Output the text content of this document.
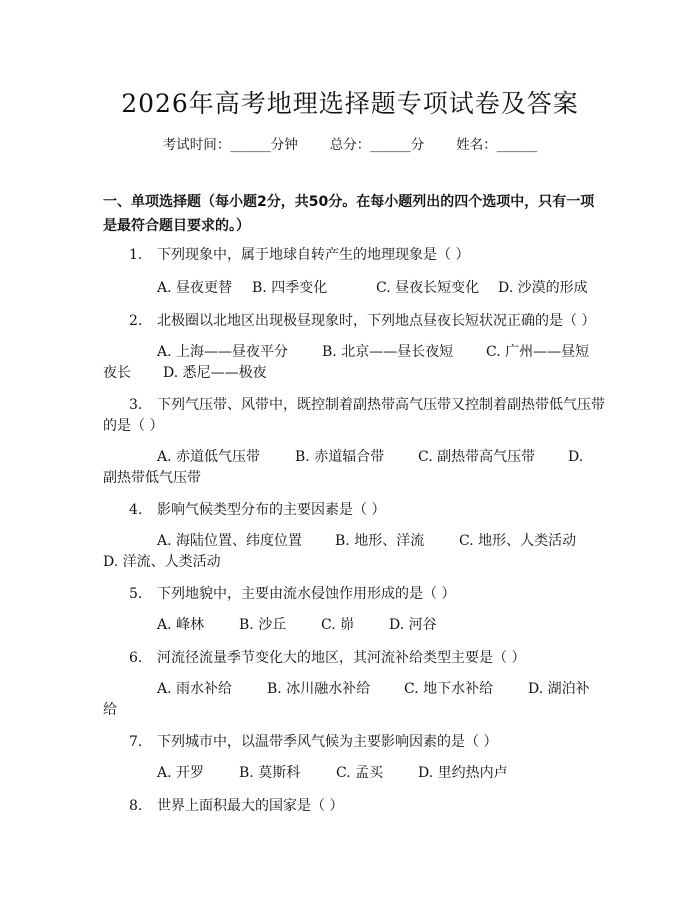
2026年高考地理选择题专项试卷及答案
考试时间：______分钟 总分：______分 姓名：______
一、单项选择题（每小题2分，共50分。在每小题列出的四个选项中，只有一项是最符合题目要求的。）
1. 下列现象中，属于地球自转产生的地理现象是（ ）
A. 昼夜更替 B. 四季变化	C. 昼夜长短变化 D. 沙漠的形成
2. 北极圈以北地区出现极昼现象时，下列地点昼夜长短状况正确的是（ ）
A. 上海——昼夜平分 B. 北京——昼长夜短 C. 广州——昼短
夜长 D. 悉尼——极夜
3. 下列气压带、风带中，既控制着副热带高气压带又控制着副热带低气压带
的是（ ）
A. 赤道低气压带 B. 赤道辐合带 C. 副热带高气压带 D.
副热带低气压带
4. 影响气候类型分布的主要因素是（ ）
A. 海陆位置、纬度位置 B. 地形、洋流 C. 地形、人类活动
D. 洋流、人类活动
5. 下列地貌中，主要由流水侵蚀作用形成的是（ ）
A. 峰林 B. 沙丘 C. 峁 D. 河谷
6. 河流径流量季节变化大的地区，其河流补给类型主要是（ ）
A. 雨水补给 B. 冰川融水补给 C. 地下水补给 D. 湖泊补
给
7. 下列城市中，以温带季风气候为主要影响因素的是（ ）
A. 开罗 B. 莫斯科	C. 孟买 D. 里约热内卢
8. 世界上面积最大的国家是（ ）
